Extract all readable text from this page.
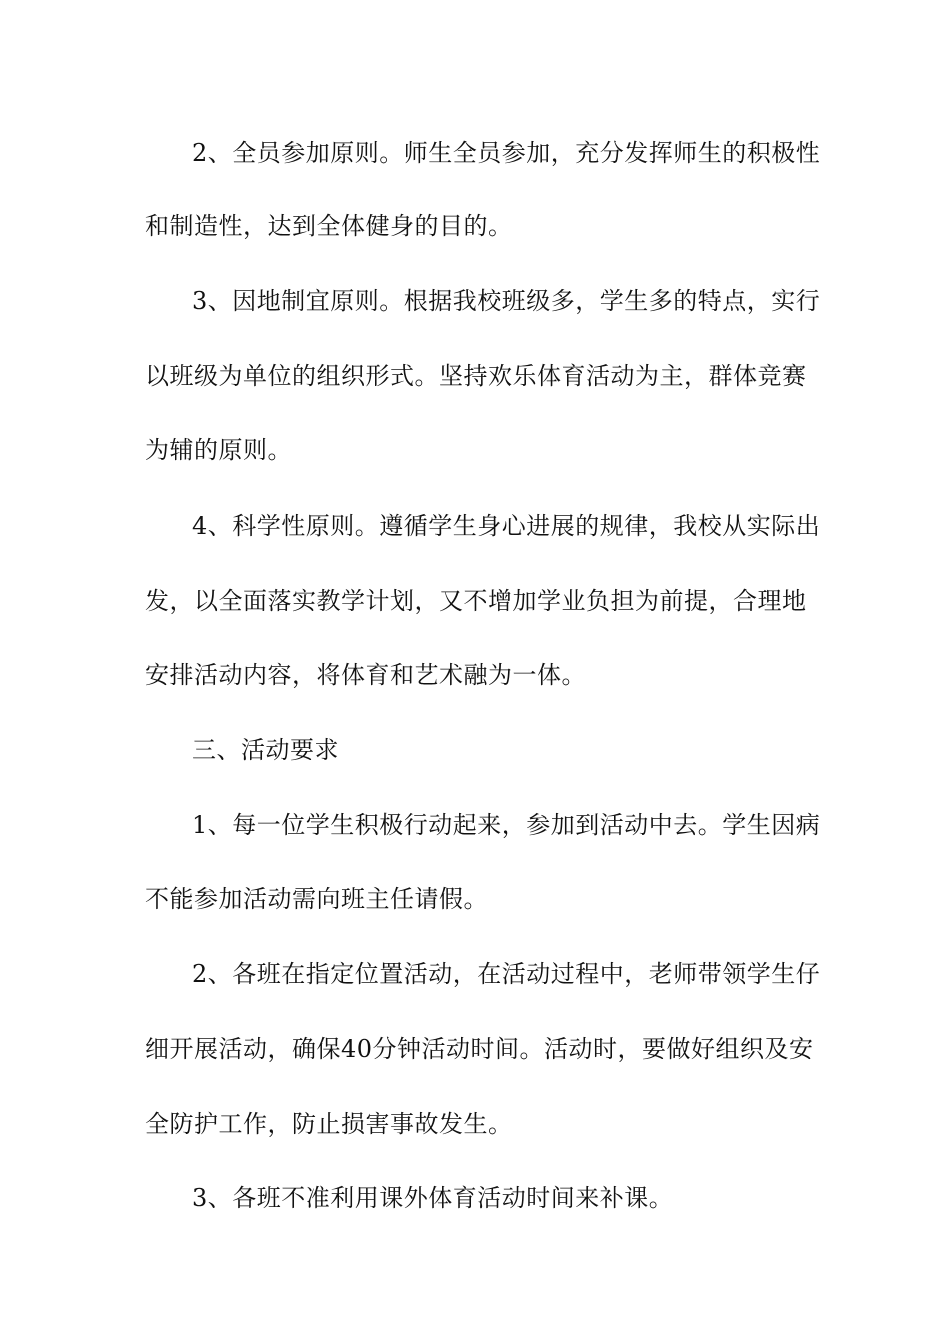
2、全员参加原则。师生全员参加，充分发挥师生的积极性
和制造性，达到全体健身的目的。
3、因地制宜原则。根据我校班级多，学生多的特点，实行
以班级为单位的组织形式。坚持欢乐体育活动为主，群体竞赛
为辅的原则。
4、科学性原则。遵循学生身心进展的规律，我校从实际出
发，以全面落实教学计划，又不增加学业负担为前提，合理地
安排活动内容，将体育和艺术融为一体。
三、活动要求
1、每一位学生积极行动起来，参加到活动中去。学生因病
不能参加活动需向班主任请假。
2、各班在指定位置活动，在活动过程中，老师带领学生仔
细开展活动，确保40分钟活动时间。活动时，要做好组织及安
全防护工作，防止损害事故发生。
3、各班不准利用课外体育活动时间来补课。
